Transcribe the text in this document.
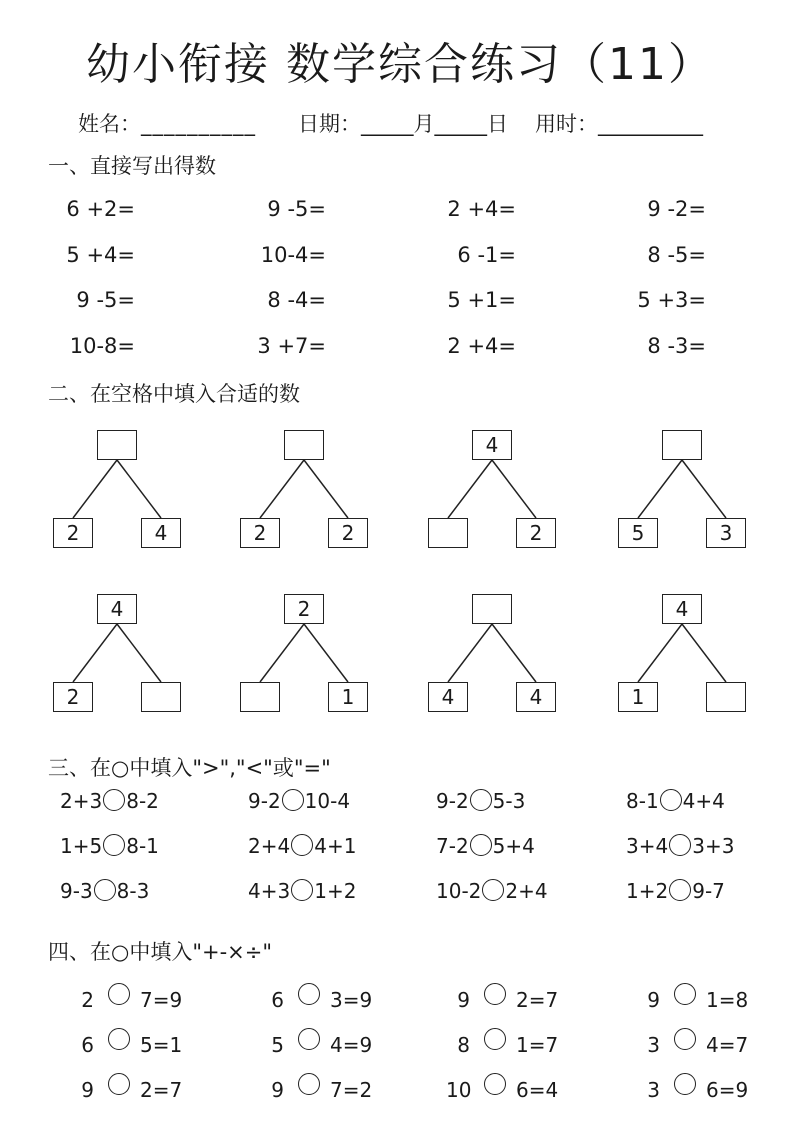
幼小衔接 数学综合练习（11）
姓名：__________ 日期：_____月_____日 用时：__________
一、直接写出得数
6 +2=	9 -5=	2 +4=	9 -2=
5 +4=	10-4=	6 -1=	8 -5=
9 -5=	8 -4=	5 +1=	5 +3=
10-8=	3 +7=	2 +4=	8 -3=
二、在空格中填入合适的数
2	4	2	2
4
2	5	3
4
2
2
1	4	4
4
1
三、在○中填入">","<"或"="
2+3 8-2	9-2 10-4	9-2 5-3	8-1 4+4
1+5 8-1	2+4 4+1	7-2 5+4	3+4 3+3
9-3 8-3	4+3 1+2	10-2 2+4	1+2 9-7
四、在○中填入"+-×÷"
2 7=9	6 3=9	9 2=7	9 1=8
6 5=1	5 4=9	8 1=7	3 4=7
9 2=7	9 7=2	10 6=4	3 6=9
